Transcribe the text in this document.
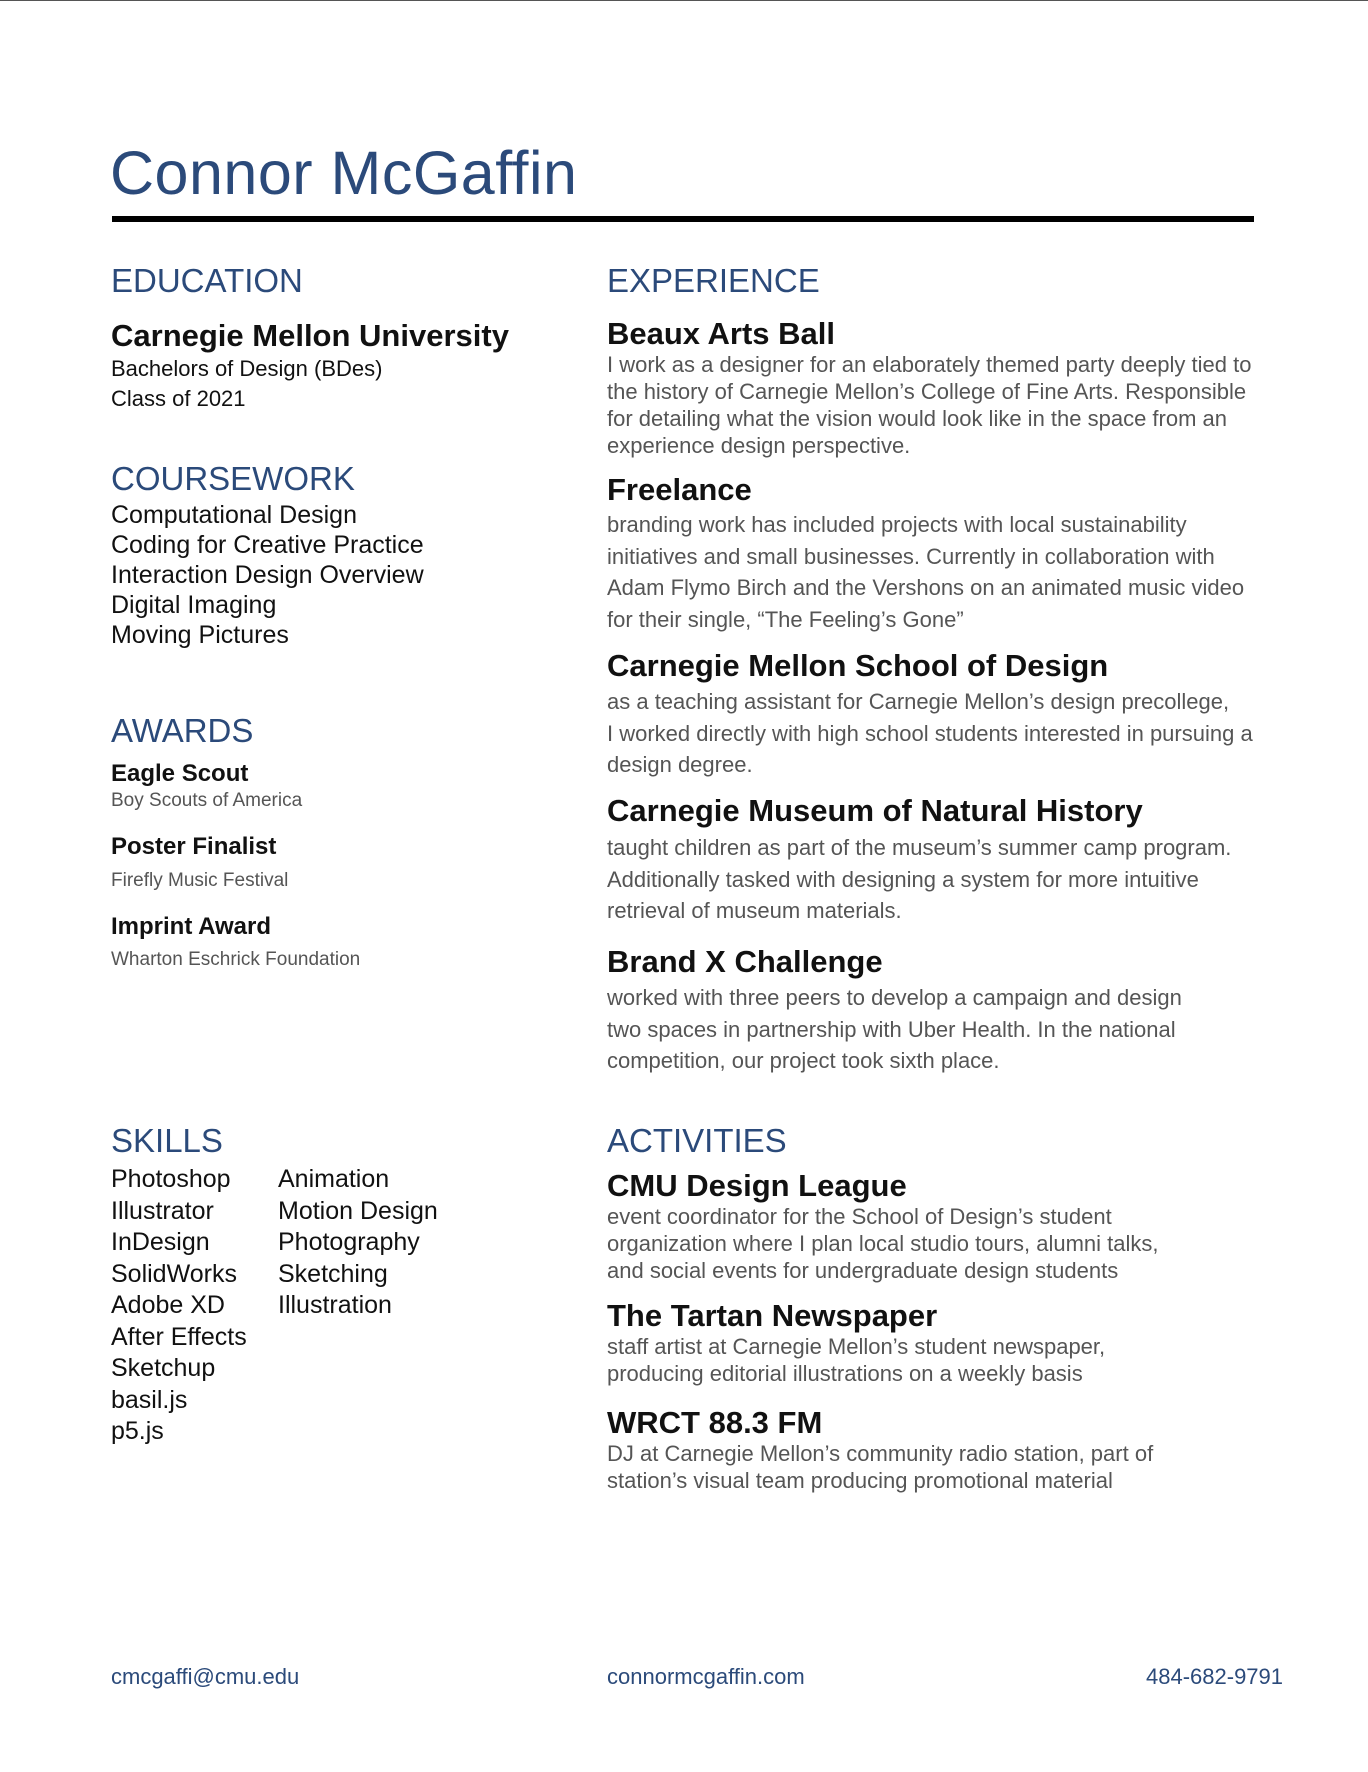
Connor McGaffin
EDUCATION
Carnegie Mellon University
Bachelors of Design (BDes)
Class of 2021
COURSEWORK
Computational Design
Coding for Creative Practice
Interaction Design Overview
Digital Imaging
Moving Pictures
AWARDS
Eagle Scout
Boy Scouts of America
Poster Finalist
Firefly Music Festival
Imprint Award
Wharton Eschrick Foundation
SKILLS
Photoshop
Illustrator
InDesign
SolidWorks
Adobe XD
After Effects
Sketchup
basil.js
p5.js
Animation
Motion Design
Photography
Sketching
Illustration
EXPERIENCE
Beaux Arts Ball
I work as a designer for an elaborately themed party deeply tied to
the history of Carnegie Mellon’s College of Fine Arts. Responsible
for detailing what the vision would look like in the space from an
experience design perspective.
Freelance
branding work has included projects with local sustainability
initiatives and small businesses. Currently in collaboration with
Adam Flymo Birch and the Vershons on an animated music video
for their single, “The Feeling’s Gone”
Carnegie Mellon School of Design
as a teaching assistant for Carnegie Mellon’s design precollege,
I worked directly with high school students interested in pursuing a
design degree.
Carnegie Museum of Natural History
taught children as part of the museum’s summer camp program.
Additionally tasked with designing a system for more intuitive
retrieval of museum materials.
Brand X Challenge
worked with three peers to develop a campaign and design
two spaces in partnership with Uber Health. In the national
competition, our project took sixth place.
ACTIVITIES
CMU Design League
event coordinator for the School of Design’s student
organization where I plan local studio tours, alumni talks,
and social events for undergraduate design students
The Tartan Newspaper
staff artist at Carnegie Mellon’s student newspaper,
producing editorial illustrations on a weekly basis
WRCT 88.3 FM
DJ at Carnegie Mellon’s community radio station, part of
station’s visual team producing promotional material
cmcgaffi@cmu.edu	connormcgaffin.com	484-682-9791
